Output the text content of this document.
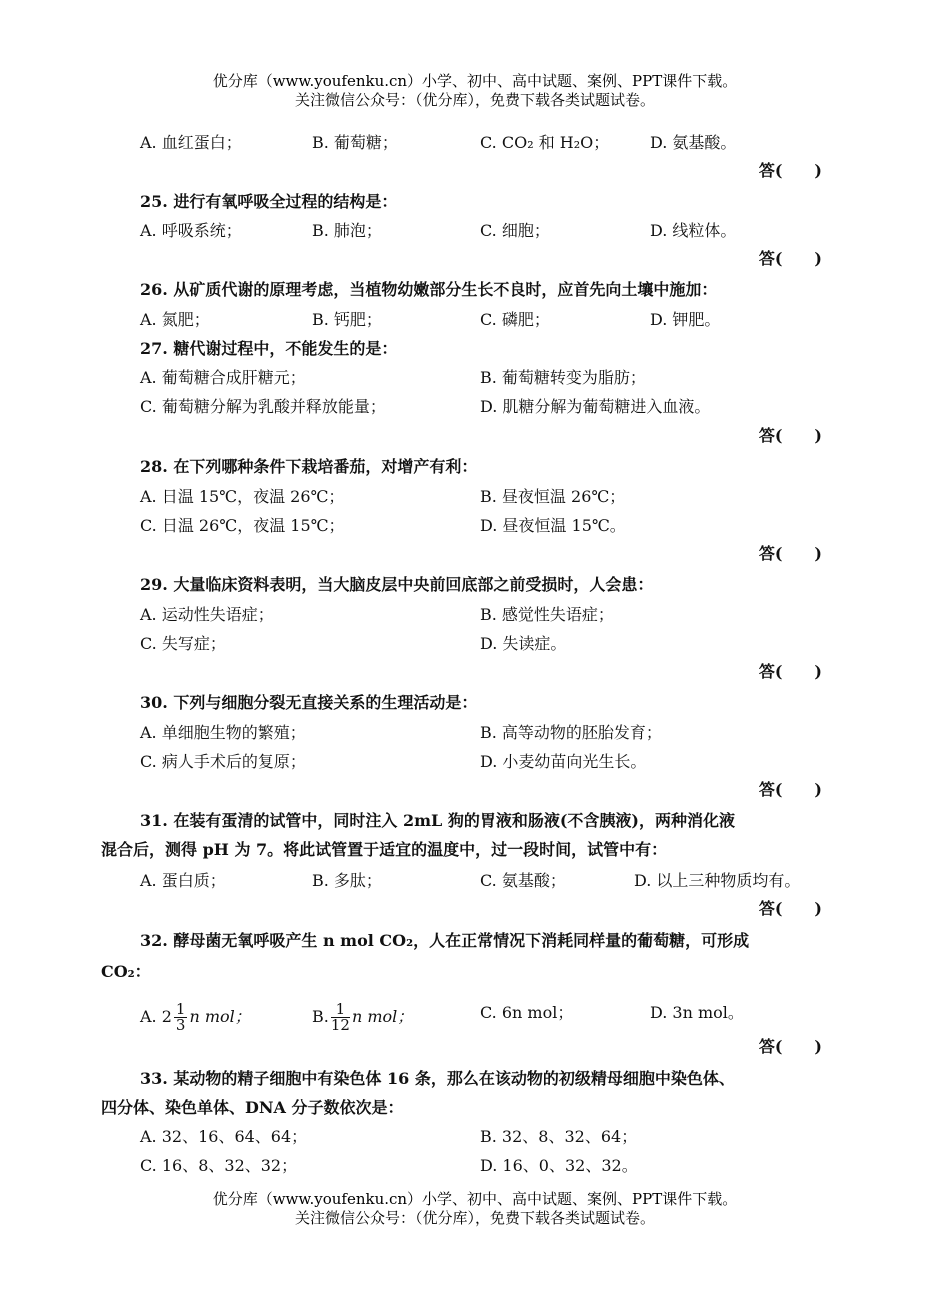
优分库（www.youfenku.cn）小学、初中、高中试题、案例、PPT课件下载。
关注微信公众号：（优分库），免费下载各类试题试卷。
A. 血红蛋白；	B. 葡萄糖；	C. CO₂ 和 H₂O；	D. 氨基酸。
答(　　)
25. 进行有氧呼吸全过程的结构是：
A. 呼吸系统；	B. 肺泡；	C. 细胞；	D. 线粒体。
答(　　)
26. 从矿质代谢的原理考虑，当植物幼嫩部分生长不良时，应首先向土壤中施加：
A. 氮肥；	B. 钙肥；	C. 磷肥；	D. 钾肥。
27. 糖代谢过程中，不能发生的是：
A. 葡萄糖合成肝糖元；	B. 葡萄糖转变为脂肪；
C. 葡萄糖分解为乳酸并释放能量；	D. 肌糖分解为葡萄糖进入血液。
答(　　)
28. 在下列哪种条件下栽培番茄，对增产有利：
A. 日温 15℃，夜温 26℃；	B. 昼夜恒温 26℃；
C. 日温 26℃，夜温 15℃；	D. 昼夜恒温 15℃。
答(　　)
29. 大量临床资料表明，当大脑皮层中央前回底部之前受损时，人会患：
A. 运动性失语症；	B. 感觉性失语症；
C. 失写症；	D. 失读症。
答(　　)
30. 下列与细胞分裂无直接关系的生理活动是：
A. 单细胞生物的繁殖；	B. 高等动物的胚胎发育；
C. 病人手术后的复原；	D. 小麦幼苗向光生长。
答(　　)
31. 在装有蛋清的试管中，同时注入 2mL 狗的胃液和肠液(不含胰液)，两种消化液
混合后，测得 pH 为 7。将此试管置于适宜的温度中，过一段时间，试管中有：
A. 蛋白质；	B. 多肽；	C. 氨基酸；	D. 以上三种物质均有。
答(　　)
32. 酵母菌无氧呼吸产生 n mol CO₂，人在正常情况下消耗同样量的葡萄糖，可形成
CO₂：
A. $2 \frac{1}{3}$ n mol；	B. $\frac{1}{12}$ n mol；	C. 6n mol；	D. 3n mol。
答(　　)
33. 某动物的精子细胞中有染色体 16 条，那么在该动物的初级精母细胞中染色体、
四分体、染色单体、DNA 分子数依次是：
A. 32、16、64、64；	B. 32、8、32、64；
C. 16、8、32、32；	D. 16、0、32、32。
优分库（www.youfenku.cn）小学、初中、高中试题、案例、PPT课件下载。
关注微信公众号：（优分库），免费下载各类试题试卷。
